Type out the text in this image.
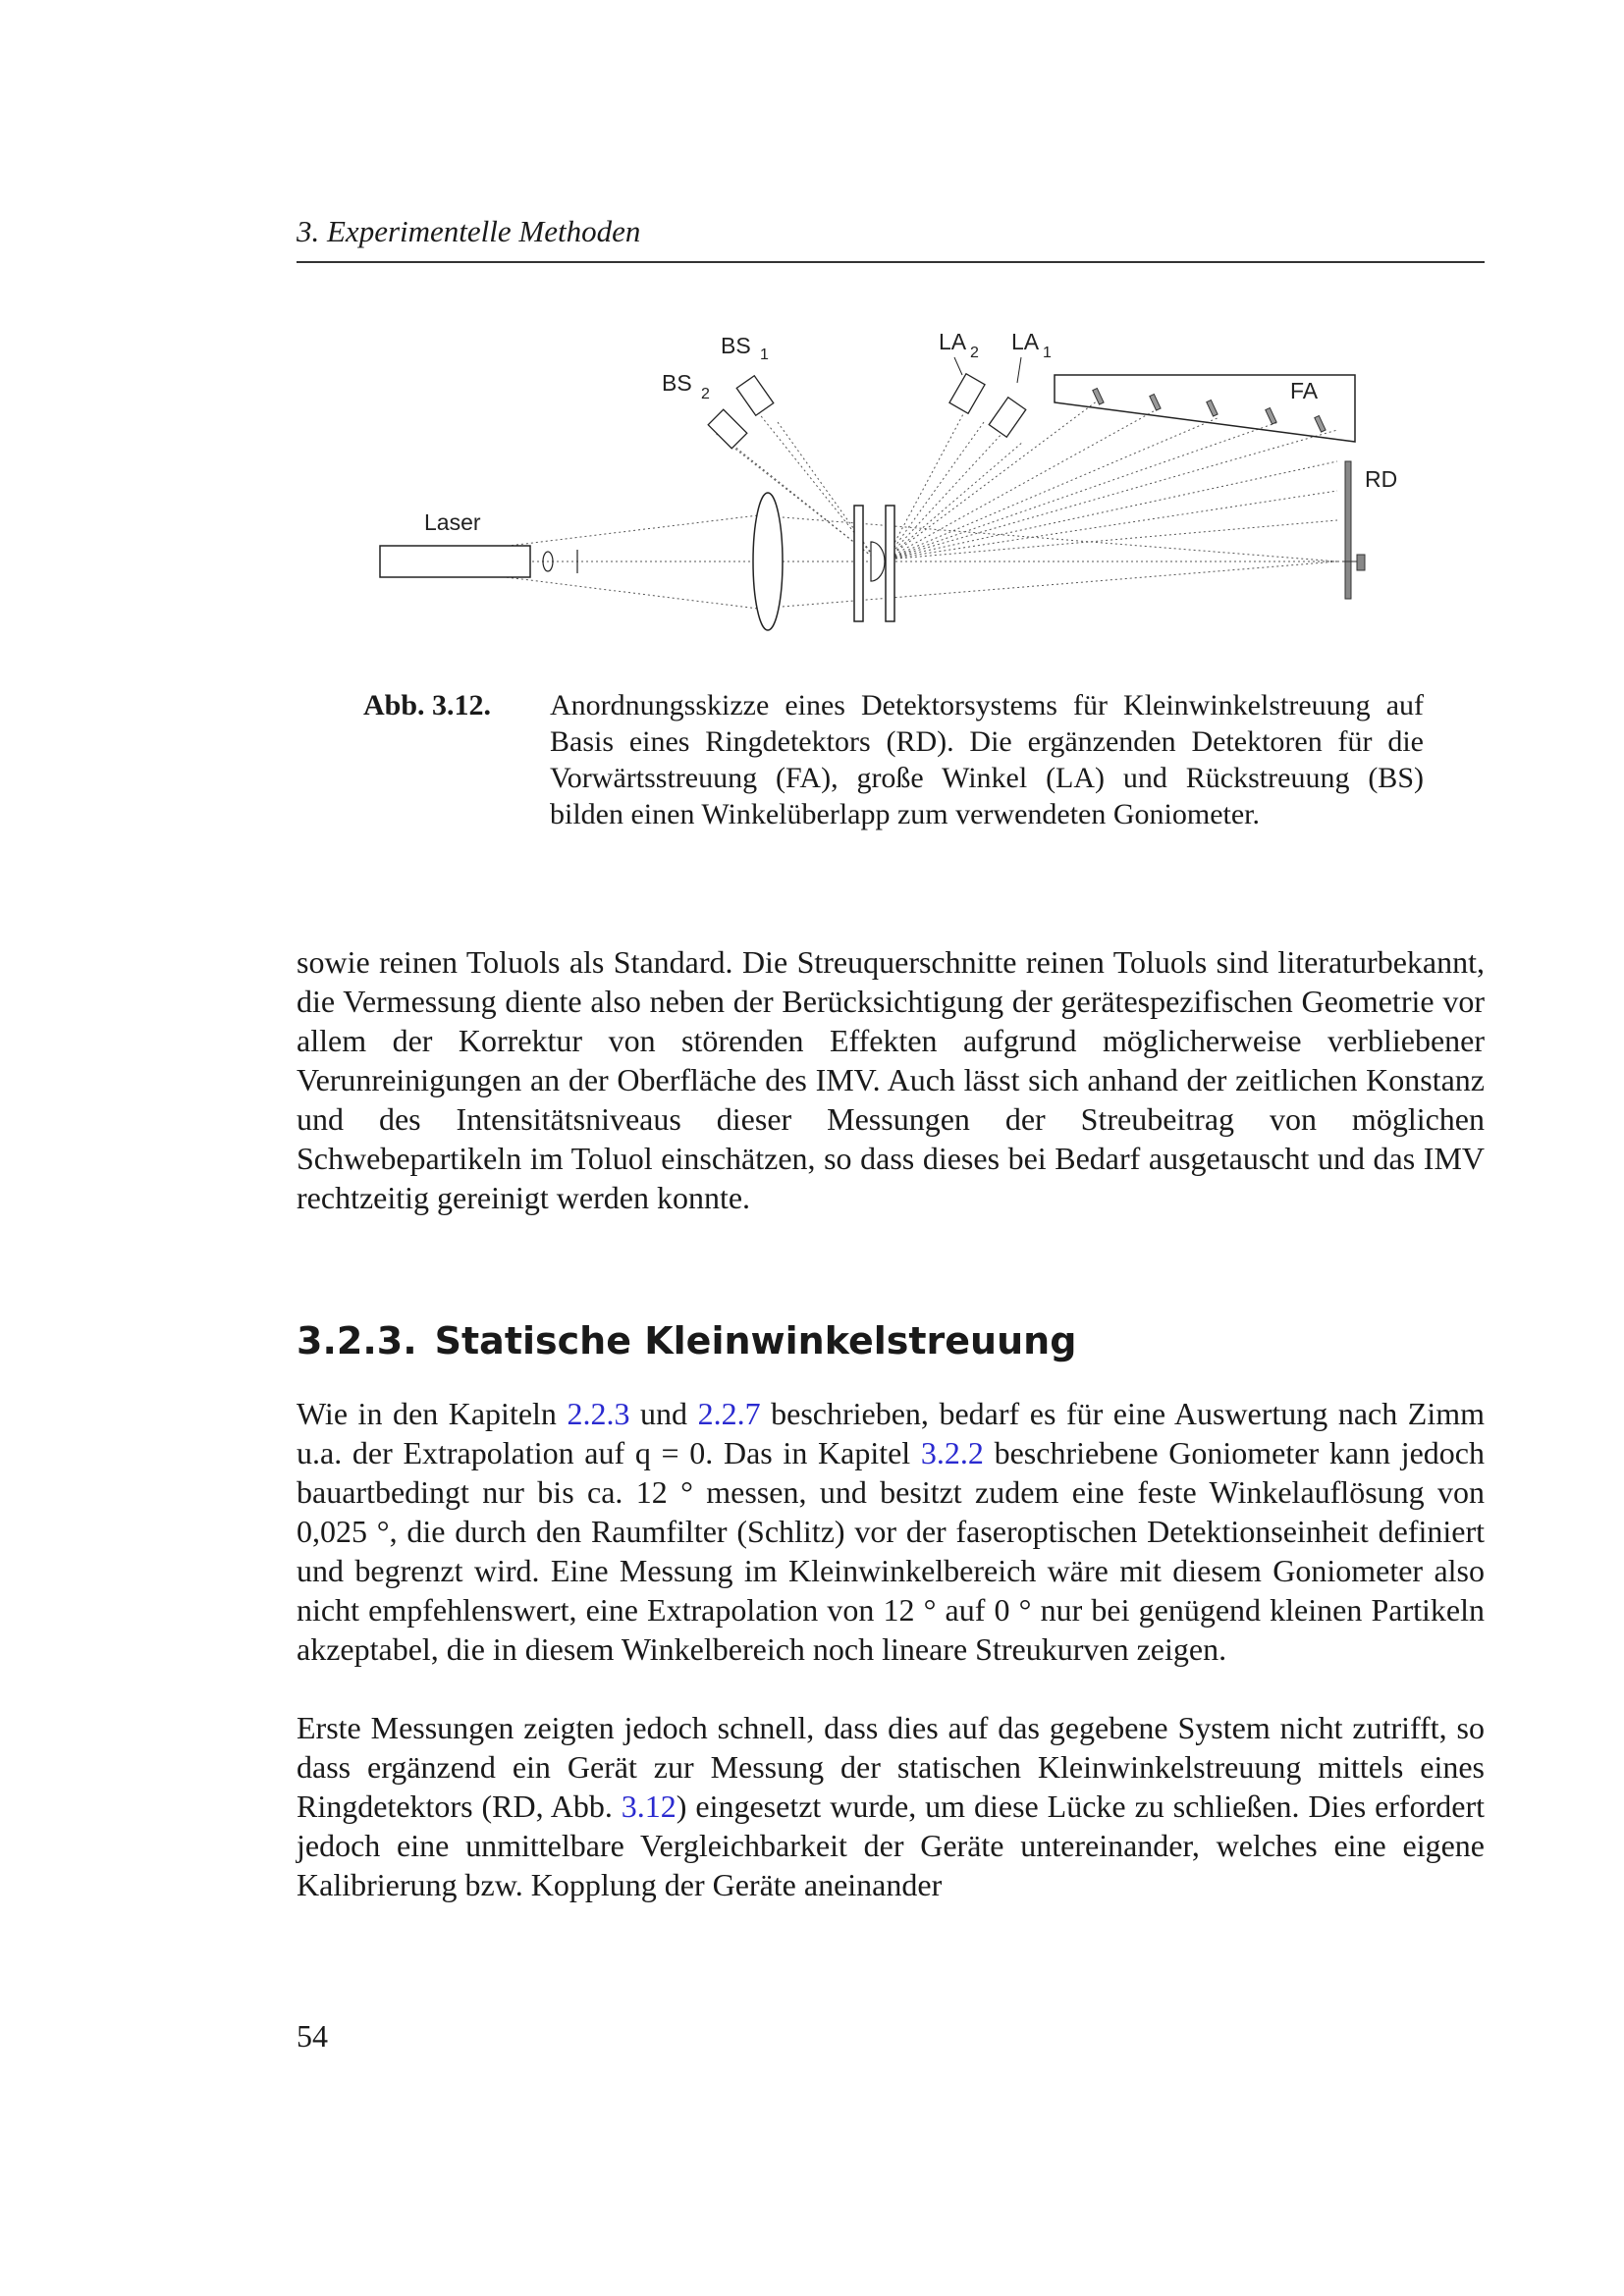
3. Experimentelle Methoden
Laser
RD
FA
BS 1
BS 2
LA 2 LA 1
Abb. 3.12. Anordnungsskizze eines Detektorsystems für Kleinwinkelstreuung auf Basis eines Ringdetektors (RD). Die ergänzenden Detektoren für die Vorwärtsstreuung (FA), große Winkel (LA) und Rückstreuung (BS) bilden einen Winkelüberlapp zum verwendeten Goniometer.

sowie reinen Toluols als Standard. Die Streuquerschnitte reinen Toluols sind literaturbekannt, die Vermessung diente also neben der Berücksichtigung der gerätespezifischen Geometrie vor allem der Korrektur von störenden Effekten aufgrund möglicherweise verbliebener Verunreinigungen an der Oberfläche des IMV. Auch lässt sich anhand der zeitlichen Konstanz und des Intensitätsniveaus dieser Messungen der Streubeitrag von möglichen Schwebepartikeln im Toluol einschätzen, so dass dieses bei Bedarf ausgetauscht und das IMV rechtzeitig gereinigt werden konnte.

3.2.3. Statische Kleinwinkelstreuung

Wie in den Kapiteln 2.2.3 und 2.2.7 beschrieben, bedarf es für eine Auswertung nach Zimm u.a. der Extrapolation auf q = 0. Das in Kapitel 3.2.2 beschriebene Goniometer kann jedoch bauartbedingt nur bis ca. 12 ° messen, und besitzt zudem eine feste Winkelauflösung von 0,025 °, die durch den Raumfilter (Schlitz) vor der faseroptischen Detektionseinheit definiert und begrenzt wird. Eine Messung im Kleinwinkelbereich wäre mit diesem Goniometer also nicht empfehlenswert, eine Extrapolation von 12 ° auf 0 ° nur bei genügend kleinen Partikeln akzeptabel, die in diesem Winkelbereich noch lineare Streukurven zeigen.

Erste Messungen zeigten jedoch schnell, dass dies auf das gegebene System nicht zutrifft, so dass ergänzend ein Gerät zur Messung der statischen Kleinwinkelstreuung mittels eines Ringdetektors (RD, Abb. 3.12) eingesetzt wurde, um diese Lücke zu schließen. Dies erfordert jedoch eine unmittelbare Vergleichbarkeit der Geräte untereinander, welches eine eigene Kalibrierung bzw. Kopplung der Geräte aneinander

54
